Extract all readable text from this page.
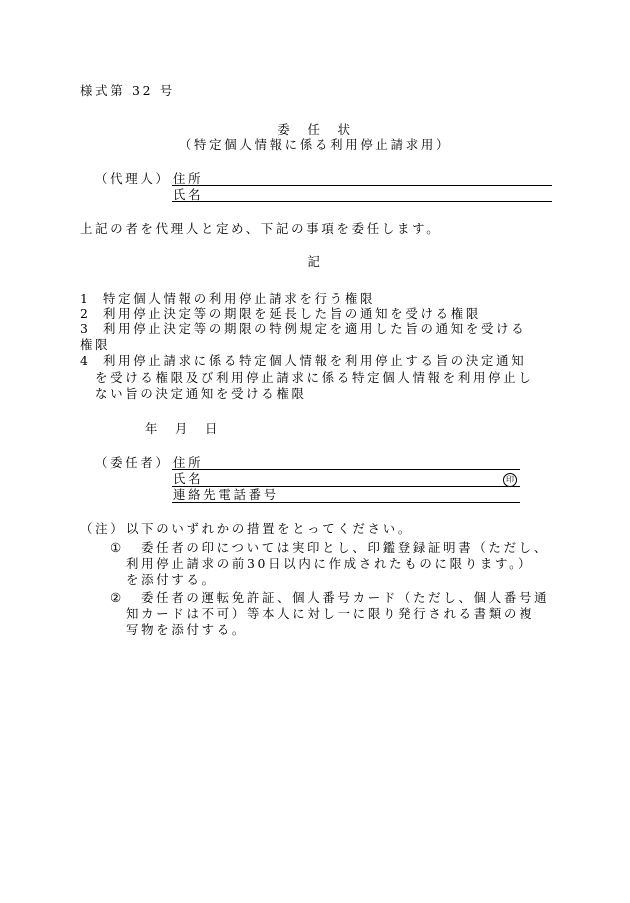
様式第 32 号
委　任　状
（特定個人情報に係る利用停止請求用）
（代理人） 住所
氏名
上記の者を代理人と定め、下記の事項を委任します。
記
1 特定個人情報の利用停止請求を行う権限
2 利用停止決定等の期限を延長した旨の通知を受ける権限
3 利用停止決定等の期限の特例規定を適用した旨の通知を受ける
権限
4 利用停止請求に係る特定個人情報を利用停止する旨の決定通知
を受ける権限及び利用停止請求に係る特定個人情報を利用停止し
ない旨の決定通知を受ける権限
年 月 日
（委任者） 住所
氏名	印
連絡先電話番号
（注） 以下のいずれかの措置をとってください。
① 委任者の印については実印とし、印鑑登録証明書（ただし、
利用停止請求の前30日以内に作成されたものに限ります。）
を添付する。
② 委任者の運転免許証、個人番号カード（ただし、個人番号通
知カードは不可）等本人に対し一に限り発行される書類の複
写物を添付する。
